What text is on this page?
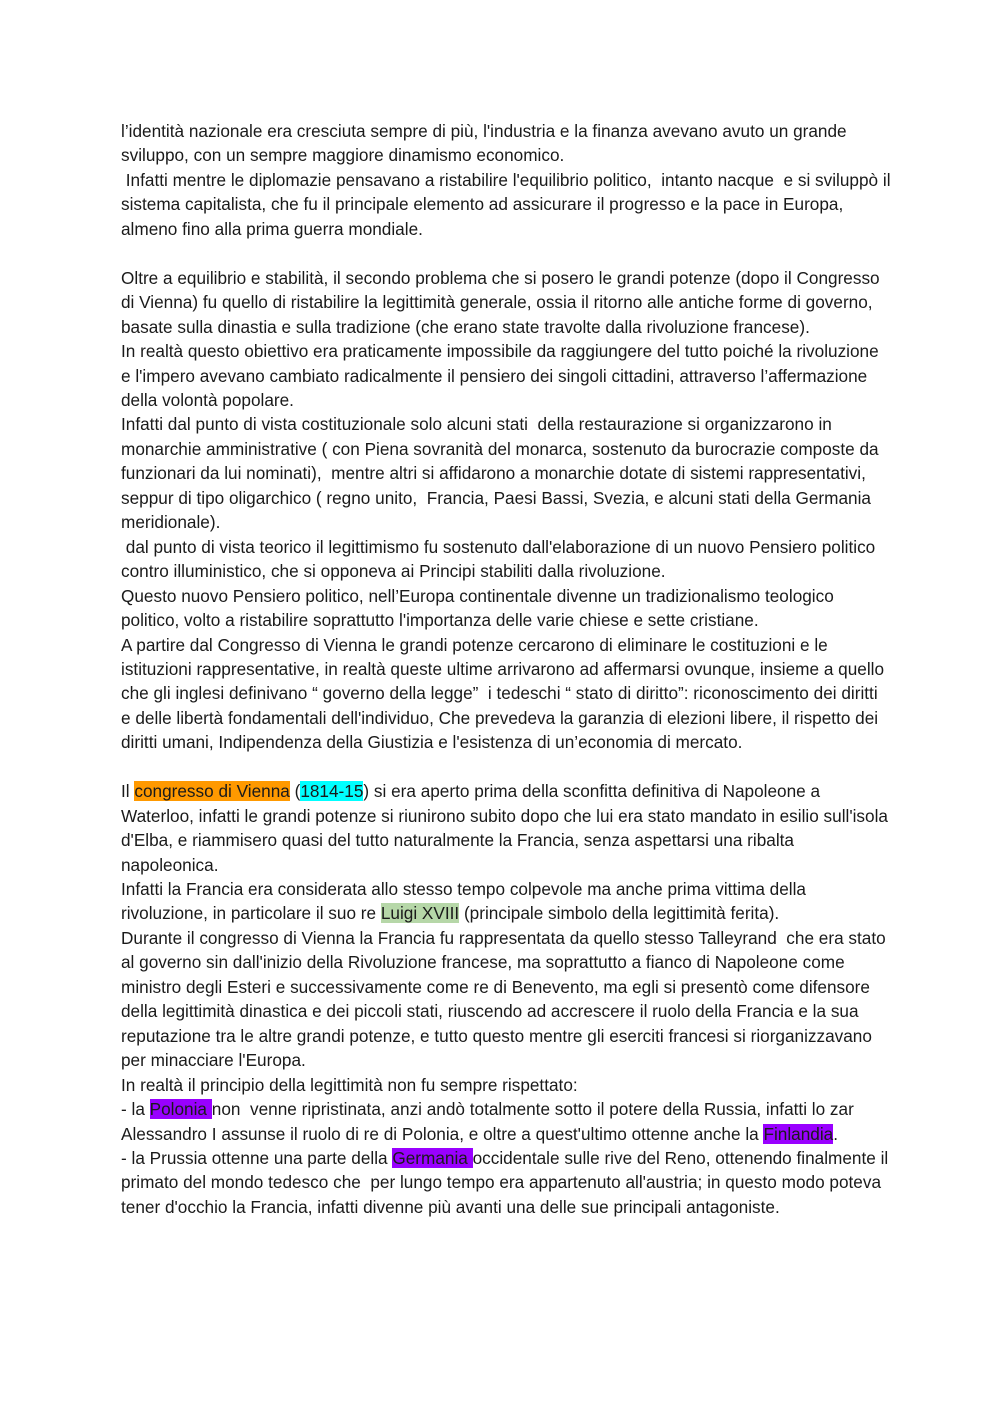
l’identità nazionale era cresciuta sempre di più, l'industria e la finanza avevano avuto un grande sviluppo, con un sempre maggiore dinamismo economico.

Infatti mentre le diplomazie pensavano a ristabilire l'equilibrio politico,  intanto nacque  e si sviluppò il sistema capitalista, che fu il principale elemento ad assicurare il progresso e la pace in Europa, almeno fino alla prima guerra mondiale.

Oltre a equilibrio e stabilità, il secondo problema che si posero le grandi potenze (dopo il Congresso di Vienna) fu quello di ristabilire la legittimità generale, ossia il ritorno alle antiche forme di governo, basate sulla dinastia e sulla tradizione (che erano state travolte dalla rivoluzione francese).

In realtà questo obiettivo era praticamente impossibile da raggiungere del tutto poiché la rivoluzione e l'impero avevano cambiato radicalmente il pensiero dei singoli cittadini, attraverso l’affermazione della volontà popolare.

Infatti dal punto di vista costituzionale solo alcuni stati  della restaurazione si organizzarono in monarchie amministrative ( con Piena sovranità del monarca, sostenuto da burocrazie composte da funzionari da lui nominati),  mentre altri si affidarono a monarchie dotate di sistemi rappresentativi,  seppur di tipo oligarchico ( regno unito,  Francia, Paesi Bassi, Svezia, e alcuni stati della Germania meridionale).

dal punto di vista teorico il legittimismo fu sostenuto dall'elaborazione di un nuovo Pensiero politico contro illuministico, che si opponeva ai Principi stabiliti dalla rivoluzione.

Questo nuovo Pensiero politico, nell’Europa continentale divenne un tradizionalismo teologico politico, volto a ristabilire soprattutto l'importanza delle varie chiese e sette cristiane.

A partire dal Congresso di Vienna le grandi potenze cercarono di eliminare le costituzioni e le istituzioni rappresentative, in realtà queste ultime arrivarono ad affermarsi ovunque, insieme a quello che gli inglesi definivano “ governo della legge”  i tedeschi “ stato di diritto”: riconoscimento dei diritti e delle libertà fondamentali dell'individuo, Che prevedeva la garanzia di elezioni libere, il rispetto dei diritti umani, Indipendenza della Giustizia e l'esistenza di un’economia di mercato.

Il congresso di Vienna (1814-15) si era aperto prima della sconfitta definitiva di Napoleone a Waterloo, infatti le grandi potenze si riunirono subito dopo che lui era stato mandato in esilio sull'isola d'Elba, e riammisero quasi del tutto naturalmente la Francia, senza aspettarsi una ribalta napoleonica.

Infatti la Francia era considerata allo stesso tempo colpevole ma anche prima vittima della rivoluzione, in particolare il suo re Luigi XVIII (principale simbolo della legittimità ferita).

Durante il congresso di Vienna la Francia fu rappresentata da quello stesso Talleyrand  che era stato al governo sin dall'inizio della Rivoluzione francese, ma soprattutto a fianco di Napoleone come ministro degli Esteri e successivamente come re di Benevento, ma egli si presentò come difensore della legittimità dinastica e dei piccoli stati, riuscendo ad accrescere il ruolo della Francia e la sua reputazione tra le altre grandi potenze, e tutto questo mentre gli eserciti francesi si riorganizzavano per minacciare l'Europa.

In realtà il principio della legittimità non fu sempre rispettato:

- la Polonia non  venne ripristinata, anzi andò totalmente sotto il potere della Russia, infatti lo zar Alessandro I assunse il ruolo di re di Polonia, e oltre a quest'ultimo ottenne anche la Finlandia.

- la Prussia ottenne una parte della Germania occidentale sulle rive del Reno, ottenendo finalmente il  primato del mondo tedesco che  per lungo tempo era appartenuto all'austria; in questo modo poteva tener d'occhio la Francia, infatti divenne più avanti una delle sue principali antagoniste.
